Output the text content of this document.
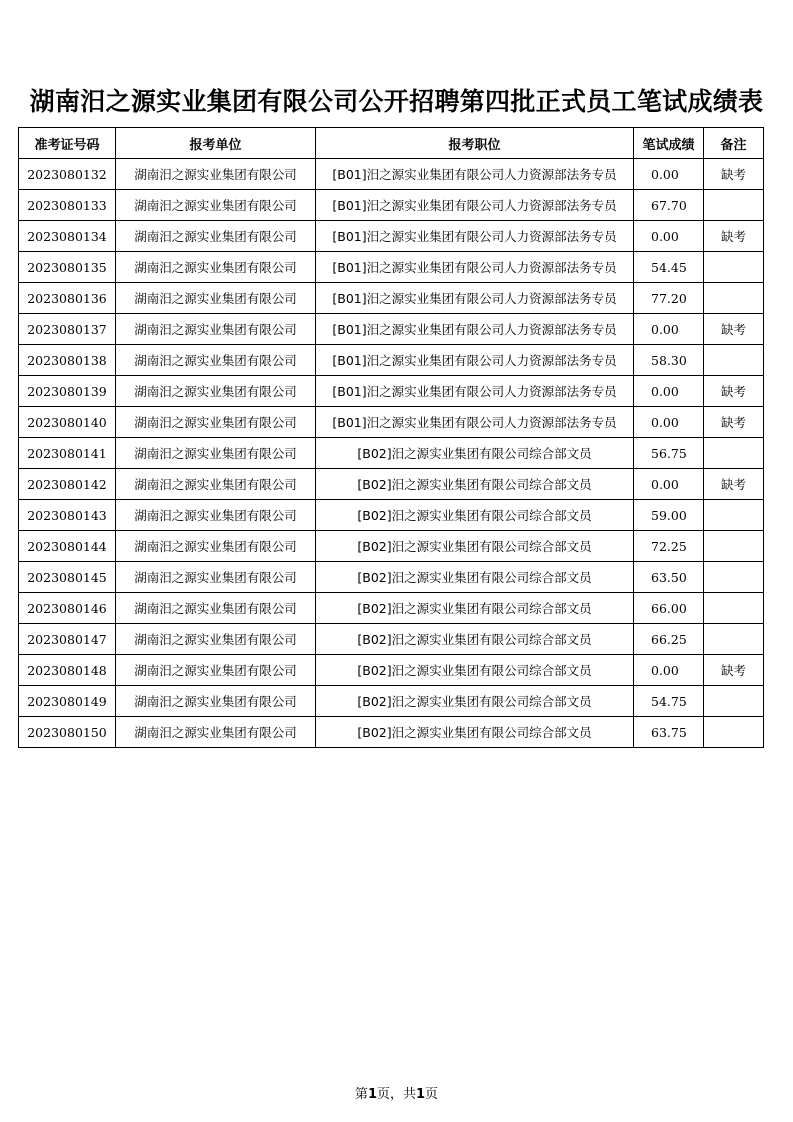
湖南汨之源实业集团有限公司公开招聘第四批正式员工笔试成绩表
准考证号码	报考单位	报考职位	笔试成绩	备注
2023080132	湖南汨之源实业集团有限公司	[B01]汨之源实业集团有限公司人力资源部法务专员	0.00	缺考
2023080133	湖南汨之源实业集团有限公司	[B01]汨之源实业集团有限公司人力资源部法务专员	67.70	
2023080134	湖南汨之源实业集团有限公司	[B01]汨之源实业集团有限公司人力资源部法务专员	0.00	缺考
2023080135	湖南汨之源实业集团有限公司	[B01]汨之源实业集团有限公司人力资源部法务专员	54.45	
2023080136	湖南汨之源实业集团有限公司	[B01]汨之源实业集团有限公司人力资源部法务专员	77.20	
2023080137	湖南汨之源实业集团有限公司	[B01]汨之源实业集团有限公司人力资源部法务专员	0.00	缺考
2023080138	湖南汨之源实业集团有限公司	[B01]汨之源实业集团有限公司人力资源部法务专员	58.30	
2023080139	湖南汨之源实业集团有限公司	[B01]汨之源实业集团有限公司人力资源部法务专员	0.00	缺考
2023080140	湖南汨之源实业集团有限公司	[B01]汨之源实业集团有限公司人力资源部法务专员	0.00	缺考
2023080141	湖南汨之源实业集团有限公司	[B02]汨之源实业集团有限公司综合部文员	56.75	
2023080142	湖南汨之源实业集团有限公司	[B02]汨之源实业集团有限公司综合部文员	0.00	缺考
2023080143	湖南汨之源实业集团有限公司	[B02]汨之源实业集团有限公司综合部文员	59.00	
2023080144	湖南汨之源实业集团有限公司	[B02]汨之源实业集团有限公司综合部文员	72.25	
2023080145	湖南汨之源实业集团有限公司	[B02]汨之源实业集团有限公司综合部文员	63.50	
2023080146	湖南汨之源实业集团有限公司	[B02]汨之源实业集团有限公司综合部文员	66.00	
2023080147	湖南汨之源实业集团有限公司	[B02]汨之源实业集团有限公司综合部文员	66.25	
2023080148	湖南汨之源实业集团有限公司	[B02]汨之源实业集团有限公司综合部文员	0.00	缺考
2023080149	湖南汨之源实业集团有限公司	[B02]汨之源实业集团有限公司综合部文员	54.75	
2023080150	湖南汨之源实业集团有限公司	[B02]汨之源实业集团有限公司综合部文员	63.75	
第1页，共1页
